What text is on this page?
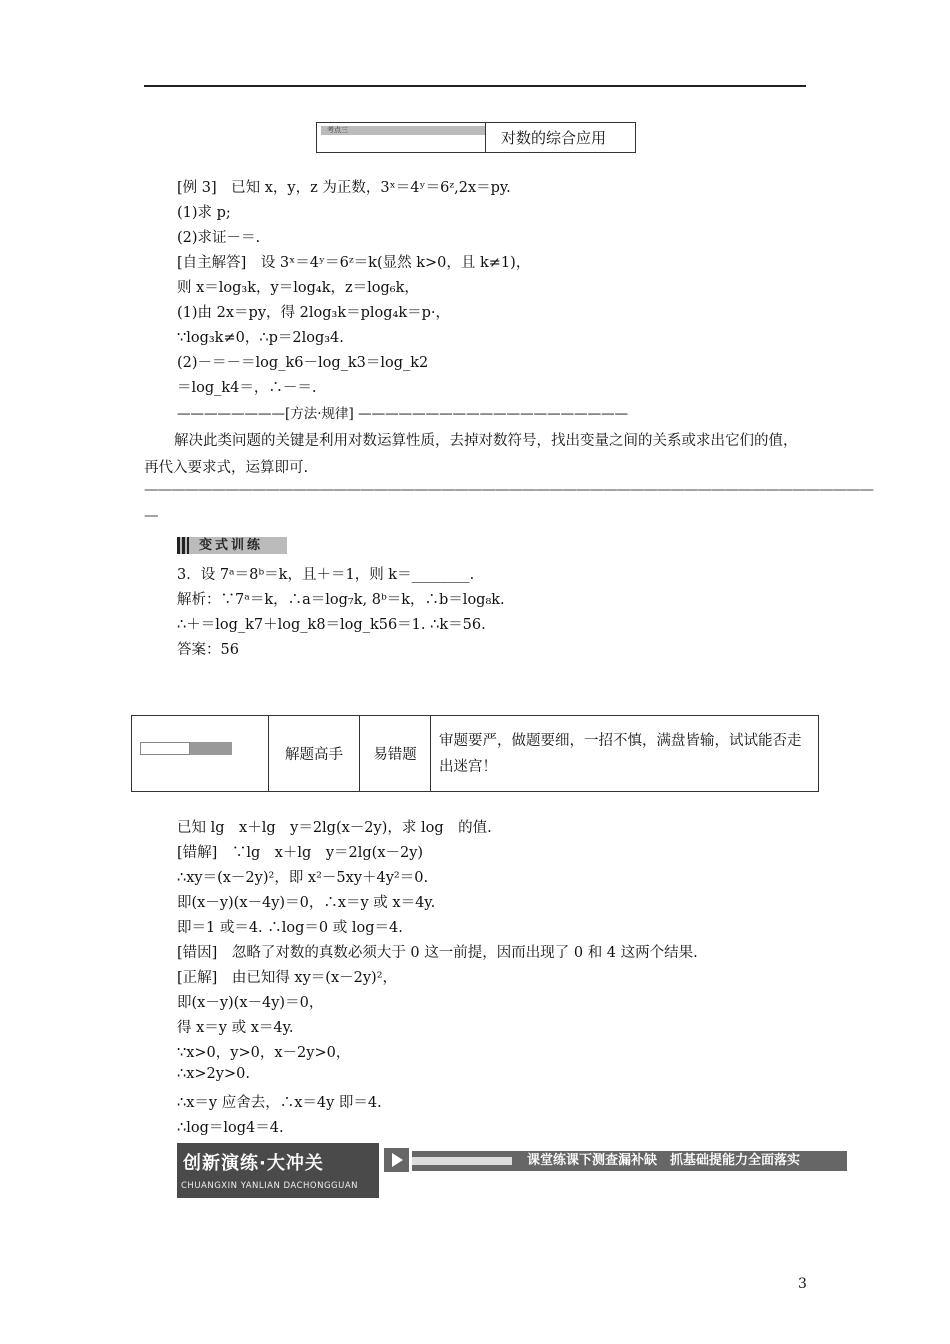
考点三	对数的综合应用
[例 3]　已知 x，y，z 为正数，3ˣ＝4ʸ＝6ᶻ,2x＝py.
(1)求 p;
(2)求证－＝.
[自主解答]　设 3ˣ＝4ʸ＝6ᶻ＝k(显然 k>0，且 k≠1)，
则 x＝log₃k，y＝log₄k，z＝log₆k，
(1)由 2x＝py，得 2log₃k＝plog₄k＝p·，
∵log₃k≠0，∴p＝2log₃4.
(2)－＝－＝log_k6－log_k3＝log_k2
＝log_k4＝，∴－＝.
————————[方法·规律] ————————————————————
解决此类问题的关键是利用对数运算性质，去掉对数符号，找出变量之间的关系或求出它们的值，再代入要求式，运算即可.
——————————————————————————————————————————————————————
—
变式训练
3．设 7ᵃ＝8ᵇ＝k，且＋＝1，则 k＝________.
解析：∵7ᵃ＝k，∴a＝log₇k, 8ᵇ＝k，∴b＝log₈k.
∴＋＝log_k7＋log_k8＝log_k56＝1. ∴k＝56.
答案：56
	解题高手	易错题	审题要严，做题要细，一招不慎，满盘皆输，试试能否走出迷宫！
已知 lg　x＋lg　y＝2lg(x－2y)，求 log　的值.
[错解]　∵lg　x＋lg　y＝2lg(x－2y)
∴xy＝(x－2y)²，即 x²－5xy＋4y²＝0.
即(x－y)(x－4y)＝0，∴x＝y 或 x＝4y.
即＝1 或＝4. ∴log＝0 或 log＝4.
[错因]　忽略了对数的真数必须大于 0 这一前提，因而出现了 0 和 4 这两个结果.
[正解]　由已知得 xy＝(x－2y)²，
即(x－y)(x－4y)＝0，
得 x＝y 或 x＝4y.
∵x>0，y>0，x－2y>0，
∴x>2y>0.
∴x＝y 应舍去，∴x＝4y 即＝4.
∴log＝log4＝4.
创新演练·大冲关
CHUANGXIN YANLIAN DACHONGGUAN
课堂练课下测查漏补缺　抓基础提能力全面落实
3
